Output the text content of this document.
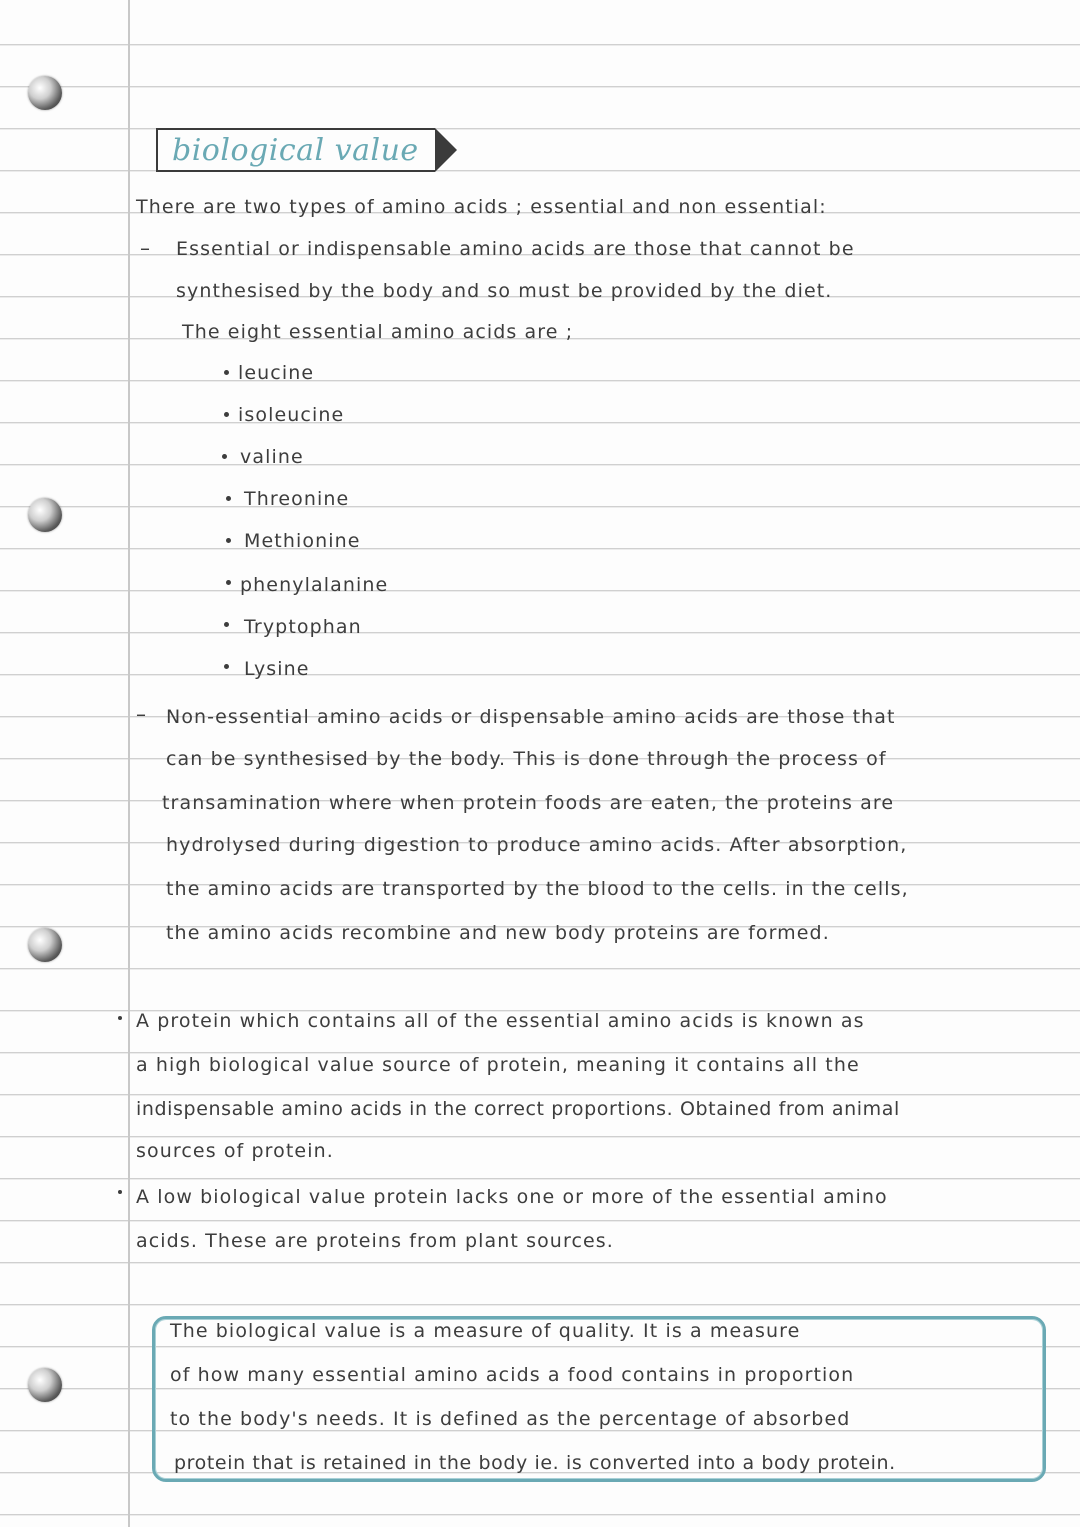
biological value
There are two types of amino acids ; essential and non essential:
– Essential or indispensable amino acids are those that cannot be
synthesised by the body and so must be provided by the diet.
The eight essential amino acids are ;
leucine
isoleucine
valine
Threonine
Methionine
phenylalanine
Tryptophan
Lysine
– Non-essential amino acids or dispensable amino acids are those that
can be synthesised by the body. This is done through the process of
transamination where when protein foods are eaten, the proteins are
hydrolysed during digestion to produce amino acids. After absorption,
the amino acids are transported by the blood to the cells. in the cells,
the amino acids recombine and new body proteins are formed.
A protein which contains all of the essential amino acids is known as
a high biological value source of protein, meaning it contains all the
indispensable amino acids in the correct proportions. Obtained from animal
sources of protein.
A low biological value protein lacks one or more of the essential amino
acids. These are proteins from plant sources.
The biological value is a measure of quality. It is a measure
of how many essential amino acids a food contains in proportion
to the body's needs. It is defined as the percentage of absorbed
protein that is retained in the body ie. is converted into a body protein.
